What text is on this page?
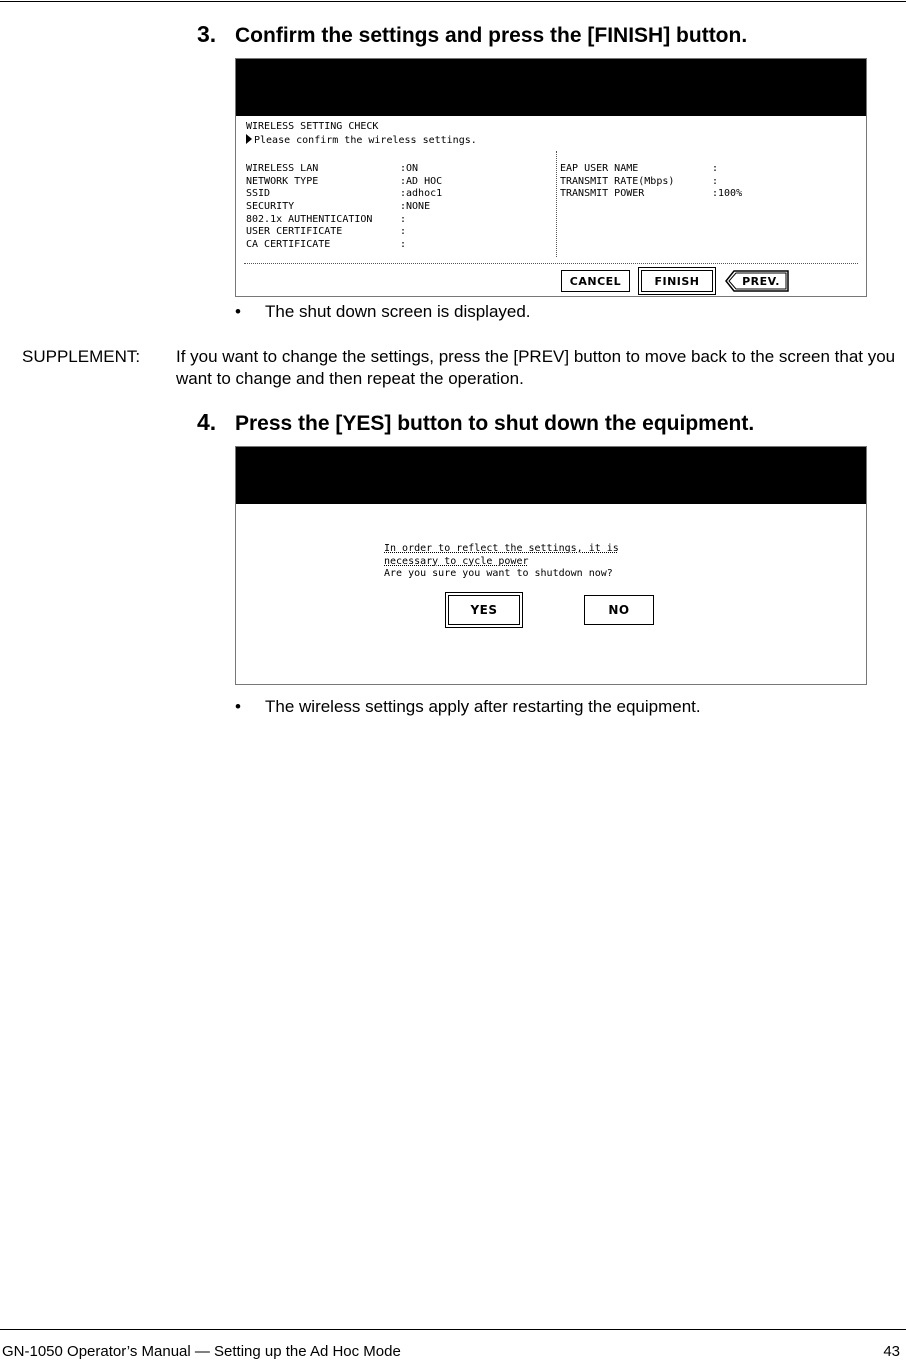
3. Confirm the settings and press the [FINISH] button.
WIRELESS SETTING CHECK
Please confirm the wireless settings.
WIRELESS LAN	:ON
NETWORK TYPE	:AD HOC
SSID	:adhoc1
SECURITY	:NONE
802.1x AUTHENTICATION	:
USER CERTIFICATE	:
CA CERTIFICATE	:
EAP USER NAME	:
TRANSMIT RATE(Mbps)	:
TRANSMIT POWER	:100%
CANCEL	FINISH	PREV.
• The shut down screen is displayed.
SUPPLEMENT: If you want to change the settings, press the [PREV] button to move back to the screen that you want to change and then repeat the operation.
4. Press the [YES] button to shut down the equipment.
In order to reflect the settings, it is
necessary to cycle power
Are you sure you want to shutdown now?
YES	NO
• The wireless settings apply after restarting the equipment.
GN-1050 Operator’s Manual — Setting up the Ad Hoc Mode	43
